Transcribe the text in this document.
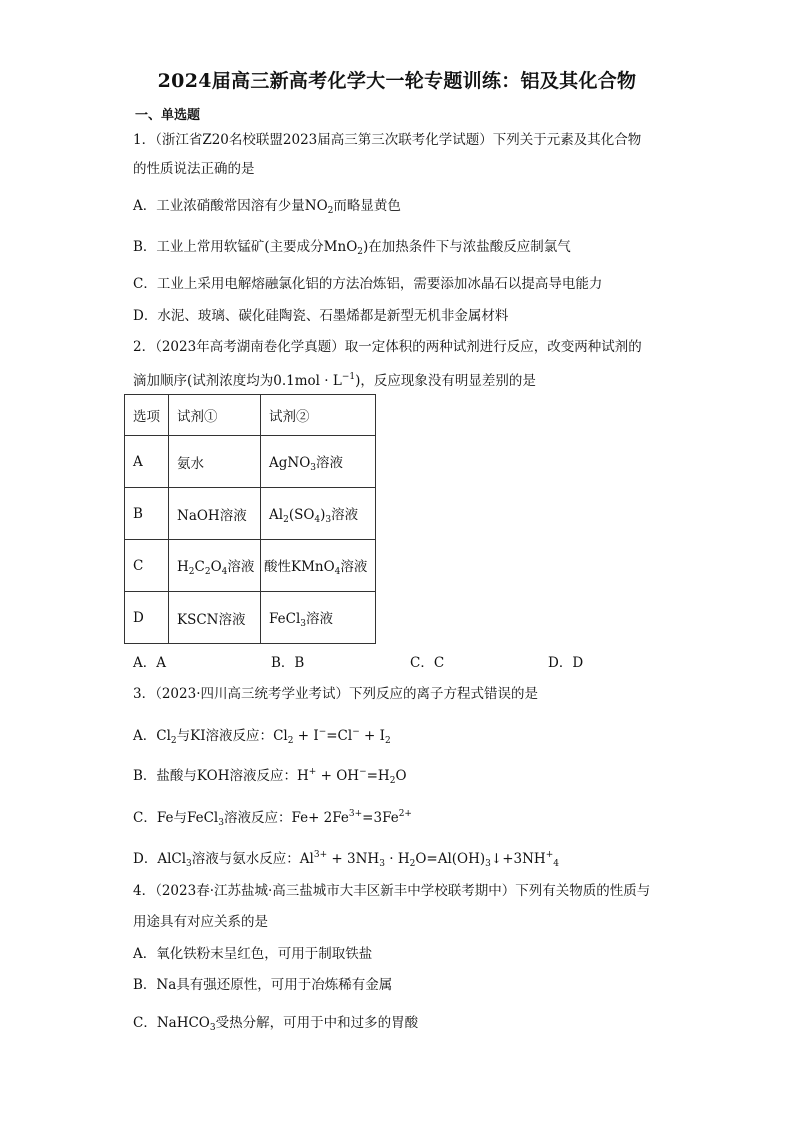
2024届高三新高考化学大一轮专题训练：铝及其化合物
一、单选题
1．（浙江省Z20名校联盟2023届高三第三次联考化学试题）下列关于元素及其化合物
的性质说法正确的是
A．工业浓硝酸常因溶有少量$NO_2$而略显黄色
B．工业上常用软锰矿(主要成分MnO$_2$)在加热条件下与浓盐酸反应制氯气
C．工业上采用电解熔融氯化铝的方法冶炼铝，需要添加冰晶石以提高导电能力
D．水泥、玻璃、碳化硅陶瓷、石墨烯都是新型无机非金属材料
2．（2023年高考湖南卷化学真题）取一定体积的两种试剂进行反应，改变两种试剂的
滴加顺序(试剂浓度均为$0.1mol \cdot L^{-1}$)，反应现象没有明显差别的是
选项	试剂①	试剂②
A	氨水	AgNO$_3$溶液
B	NaOH溶液	$Al_2(SO_4)_3$溶液
C	$H_2C_2O_4$溶液	酸性KMnO$_4$溶液
D	KSCN溶液	FeCl$_3$溶液
A．A	B．B	C．C	D．D
3．（2023·四川高三统考学业考试）下列反应的离子方程式错误的是
A．$Cl_2$与KI溶液反应：$Cl_2 + I^-=Cl^- + I_2$
B．盐酸与KOH溶液反应：$H^+ + OH^-=H_2O$
C．Fe与FeCl$_3$溶液反应：$Fe+ 2Fe^{3+}=3Fe^{2+}$
D．AlCl$_3$溶液与氨水反应：$Al^{3+} + 3NH_3$ · $H_2O=Al(OH)_3↓+3NH^+_4$
4．（2023春·江苏盐城·高三盐城市大丰区新丰中学校联考期中）下列有关物质的性质与
用途具有对应关系的是
A．氧化铁粉末呈红色，可用于制取铁盐
B．Na具有强还原性，可用于冶炼稀有金属
C．NaHCO$_3$受热分解，可用于中和过多的胃酸
